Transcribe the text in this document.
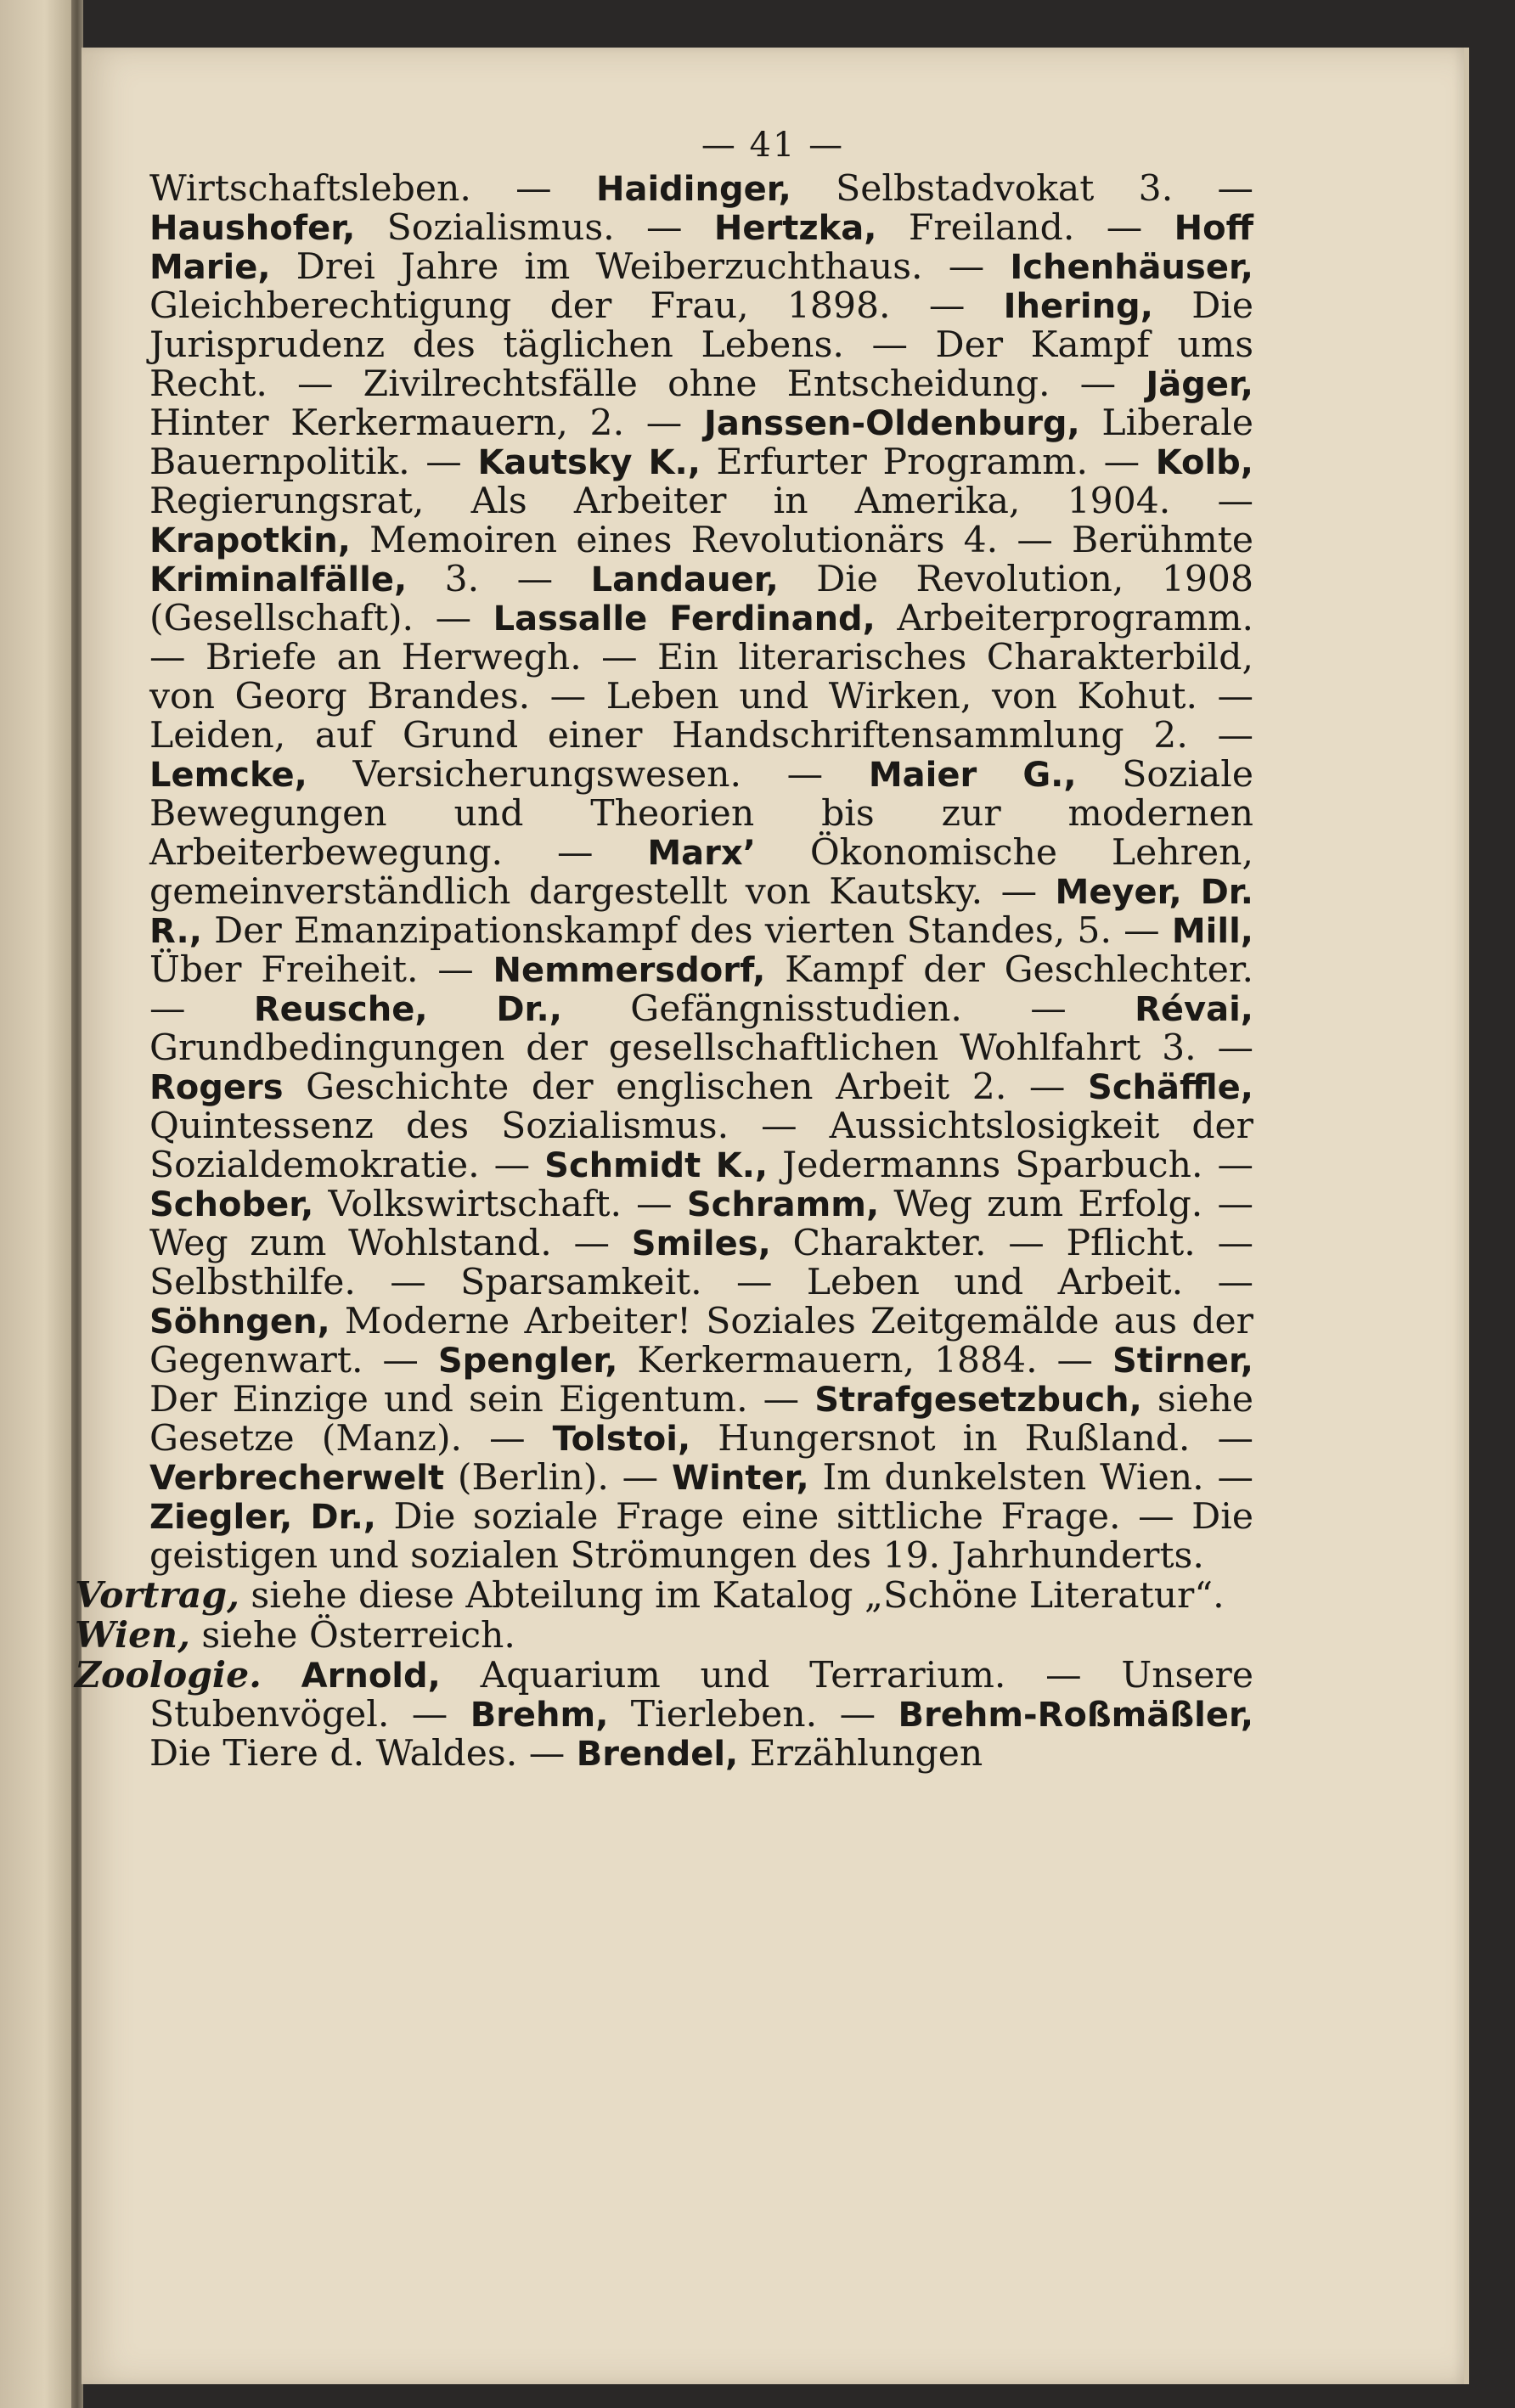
— 41 —

Wirtschaftsleben. — Haidinger, Selbstadvokat 3. — Haushofer, Sozialismus. — Hertzka, Freiland. — Hoff Marie, Drei Jahre im Weiberzuchthaus. — Ichenhäuser, Gleichberechtigung der Frau, 1898. — Ihering, Die Jurisprudenz des täglichen Lebens. — Der Kampf ums Recht. — Zivilrechtsfälle ohne Entscheidung. — Jäger, Hinter Kerkermauern, 2. — Janssen-Oldenburg, Liberale Bauernpolitik. — Kautsky K., Erfurter Programm. — Kolb, Regierungsrat, Als Arbeiter in Amerika, 1904. — Krapotkin, Memoiren eines Revolutionärs 4. — Berühmte Kriminalfälle, 3. — Landauer, Die Revolution, 1908 (Gesellschaft). — Lassalle Ferdinand, Arbeiterprogramm. — Briefe an Herwegh. — Ein literarisches Charakterbild, von Georg Brandes. — Leben und Wirken, von Kohut. — Leiden, auf Grund einer Handschriftensammlung 2. — Lemcke, Versicherungswesen. — Maier G., Soziale Bewegungen und Theorien bis zur modernen Arbeiterbewegung. — Marx’ Ökonomische Lehren, gemeinverständlich dargestellt von Kautsky. — Meyer, Dr. R., Der Emanzipationskampf des vierten Standes, 5. — Mill, Über Freiheit. — Nemmersdorf, Kampf der Geschlechter. — Reusche, Dr., Gefängnisstudien. — Révai, Grundbedingungen der gesellschaftlichen Wohlfahrt 3. — Rogers Geschichte der englischen Arbeit 2. — Schäffle, Quintessenz des Sozialismus. — Aussichtslosigkeit der Sozialdemokratie. — Schmidt K., Jedermanns Sparbuch. — Schober, Volkswirtschaft. — Schramm, Weg zum Erfolg. — Weg zum Wohlstand. — Smiles, Charakter. — Pflicht. — Selbsthilfe. — Sparsamkeit. — Leben und Arbeit. — Söhngen, Moderne Arbeiter! Soziales Zeitgemälde aus der Gegenwart. — Spengler, Kerkermauern, 1884. — Stirner, Der Einzige und sein Eigentum. — Strafgesetzbuch, siehe Gesetze (Manz). — Tolstoi, Hungersnot in Rußland. — Verbrecherwelt (Berlin). — Winter, Im dunkelsten Wien. — Ziegler, Dr., Die soziale Frage eine sittliche Frage. — Die geistigen und sozialen Strömungen des 19. Jahrhunderts.

Vortrag, siehe diese Abteilung im Katalog „Schöne Literatur“.

Wien, siehe Österreich.

Zoologie. Arnold, Aquarium und Terrarium. — Unsere Stubenvögel. — Brehm, Tierleben. — Brehm-Roßmäßler, Die Tiere d. Waldes. — Brendel, Erzählungen
